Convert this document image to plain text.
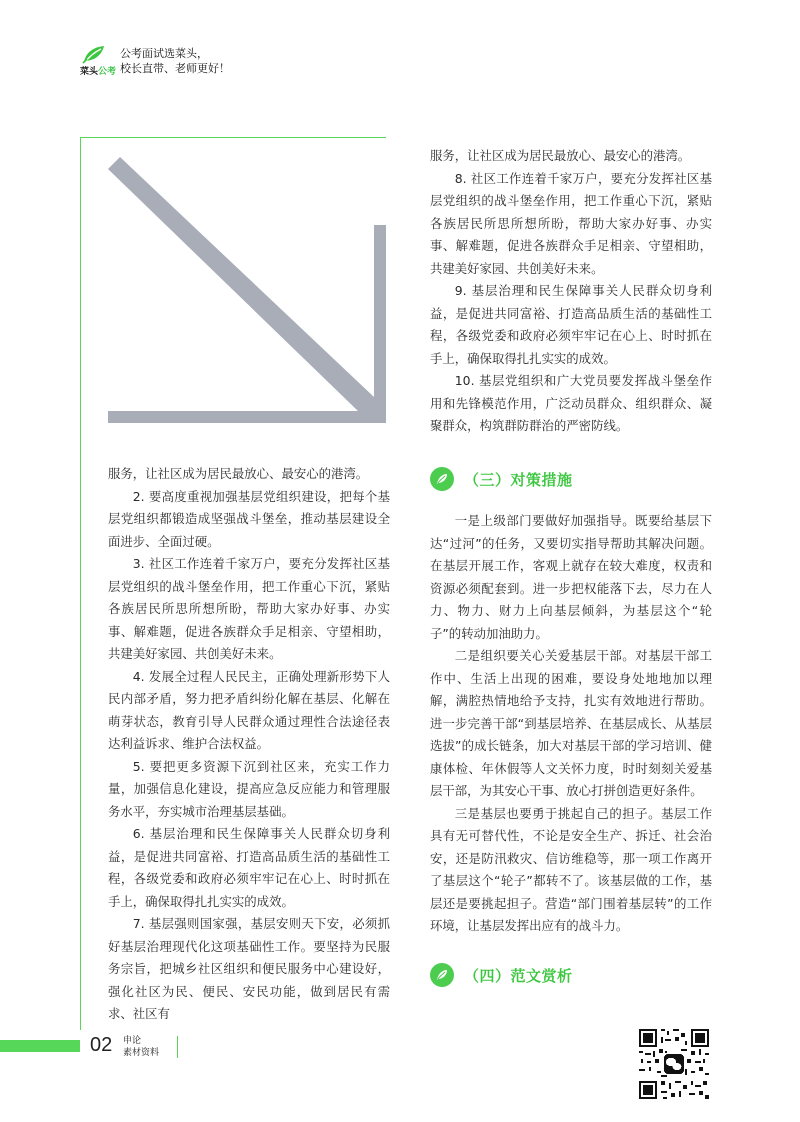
菜头公考
公考面试选菜头，
校长直带、老师更好！

服务，让社区成为居民最放心、最安心的港湾。

2. 要高度重视加强基层党组织建设，把每个基层党组织都锻造成坚强战斗堡垒，推动基层建设全面进步、全面过硬。

3. 社区工作连着千家万户，要充分发挥社区基层党组织的战斗堡垒作用，把工作重心下沉，紧贴各族居民所思所想所盼，帮助大家办好事、办实事、解难题，促进各族群众手足相亲、守望相助，共建美好家园、共创美好未来。

4. 发展全过程人民民主，正确处理新形势下人民内部矛盾，努力把矛盾纠纷化解在基层、化解在萌芽状态，教育引导人民群众通过理性合法途径表达利益诉求、维护合法权益。

5. 要把更多资源下沉到社区来，充实工作力量，加强信息化建设，提高应急反应能力和管理服务水平，夯实城市治理基层基础。

6. 基层治理和民生保障事关人民群众切身利益，是促进共同富裕、打造高品质生活的基础性工程，各级党委和政府必须牢牢记在心上、时时抓在手上，确保取得扎扎实实的成效。

7. 基层强则国家强，基层安则天下安，必须抓好基层治理现代化这项基础性工作。要坚持为民服务宗旨，把城乡社区组织和便民服务中心建设好，强化社区为民、便民、安民功能，做到居民有需求、社区有

服务，让社区成为居民最放心、最安心的港湾。

8. 社区工作连着千家万户，要充分发挥社区基层党组织的战斗堡垒作用，把工作重心下沉，紧贴各族居民所思所想所盼，帮助大家办好事、办实事、解难题，促进各族群众手足相亲、守望相助，共建美好家园、共创美好未来。

9. 基层治理和民生保障事关人民群众切身利益，是促进共同富裕、打造高品质生活的基础性工程，各级党委和政府必须牢牢记在心上、时时抓在手上，确保取得扎扎实实的成效。

10. 基层党组织和广大党员要发挥战斗堡垒作用和先锋模范作用，广泛动员群众、组织群众、凝聚群众，构筑群防群治的严密防线。

（三）对策措施

一是上级部门要做好加强指导。既要给基层下达“过河”的任务，又要切实指导帮助其解决问题。在基层开展工作，客观上就存在较大难度，权责和资源必须配套到。进一步把权能落下去，尽力在人力、物力、财力上向基层倾斜，为基层这个“轮子”的转动加油助力。

二是组织要关心关爱基层干部。对基层干部工作中、生活上出现的困难，要设身处地地加以理解，满腔热情地给予支持，扎实有效地进行帮助。进一步完善干部“到基层培养、在基层成长、从基层选拔”的成长链条，加大对基层干部的学习培训、健康体检、年休假等人文关怀力度，时时刻刻关爱基层干部，为其安心干事、放心打拼创造更好条件。

三是基层也要勇于挑起自己的担子。基层工作具有无可替代性，不论是安全生产、拆迁、社会治安，还是防汛救灾、信访维稳等，那一项工作离开了基层这个“轮子”都转不了。该基层做的工作，基层还是要挑起担子。营造“部门围着基层转”的工作环境，让基层发挥出应有的战斗力。

（四）范文赏析
02 申论
素材资料
